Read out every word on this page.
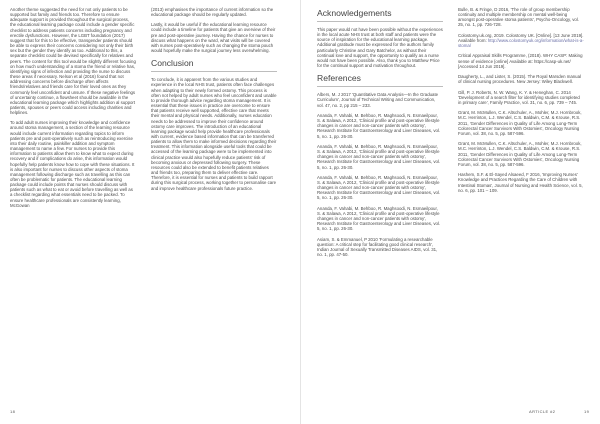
Another theme suggested the need for not only patients to be supported but family and friends too. Therefore to ensure adequate support is provided throughout the surgical process, the educational learning package could include a gender specific checklist to address patients concerns including pregnancy and erectile dysfunctions. However, the LGBT foundation (2017) suggest that for this to be effective, transgender patients should be able to express their concerns considering not only their birth sex but the gender they identify as too. Additional to this, a separate checklist could be devised specifically for relatives and peers. The content for this tool would be slightly different focusing on how much understanding of a stoma the friend or relative has, identifying signs of infection and providing the nurse to discuss these areas if necessary. Nelson et al (2016) found that not addressing concerns before discharge often affects friends/relatives and friends care for their loved ones as they commonly feel unconfident and unsure. If these negative feelings of uncertainty continue, a flowsheet should be available in the educational learning package which highlights addition al support patients, spouses or peers could access including charities and helplines.

To add adult nurses improving their knowledge and confidence around stoma management, a section of the learning resource would include current information regarding topics to inform patients pre and post-operatively such as reintroducing exercise into their daily routine, painkiller addition and symptom management to name a few. For nurses to provide this information to patients allow them to know what to expect during recovery and if complications do arise, this information would hopefully help patients know how to cope with these situations. It is also important for nurses to discuss other aspects of stoma management following discharge such as travelling as this can often be problematic for patients. The educational learning package could include points that nurses should discuss with patients such as what to eat or avoid before travelling as well as a checklist regarding what essentials need to be packed. To ensure healthcare professionals are consistently learning, McGowan

(2013) emphasises the importance of current information so the educational package should be regularly updated.

Lastly, it would be useful if the educational learning resource could include a timeline for patients that give an overview of their pre and post-operative journey. Having the chance for nurses to discuss what happens on the ward, what visits will be covered with nurses post-operatively such as changing the stoma pouch would hopefully make the surgical journey less overwhelming.

Conclusion

To conclude, it is apparent from the various studies and experience in the local NHS trust, patients often face challenges when adapting to their newly formed ostomy. This process is often not helped by adult nurses who feel unconfident and unable to provide thorough advice regarding stoma management. It is essential that these issues in practice are overcome to ensure that patients receive well supported, effective care that meets their mental and physical needs. Additionally, nurses education needs to be addressed to improve their confidence around ostomy care improves. The introduction of an educational learning package would help provide healthcare professionals with current, evidence based information that can be transferred patients to allow them to make informed decisions regarding their treatment. This information alongside useful tools that could be accessed of the learning package were to be implemented into clinical practice would also hopefully reduce patients' risk of becoming anxious or depressed following surgery. These resources could also be extended to benefit patients relatives and friends too, preparing them to deliver effective care. Therefore, it is essential for nurses and patients to build rapport during this surgical process, working together to personalise care and improve healthcare professionals future practice.

18
Acknowledgements

This paper would not have been possible without the experiences in the local acute NHS trust at both staff and patients were the source of inspiration for the educational learning package. Additional gratitude must be expressed for the authors family particularly Christine and Gary Batchelor, as without their continual love and support, the opportunity to qualify as a nurse would not have been possible. Also, thank you to Matthew Price for the continual support and motivation throughout.

References
Albers, M. J 2017 'Quantitative Data Analysis—In the Graduate Curriculum', Journal of Technical Writing and Communication, vol. 47, no. 2, pp 215 – 233.
Ananda, F. Vahabi, M. Behboo, R. Maghsoodi, N. Esmaeilpour, S. & Salawa, A 2012, 'Clinical profile and post-operative lifestyle changes in cancer and non-cancer patients with ostomy', Research Institute for Gastroenterology and Liver Diseases, vol. 5, no. 1, pp. 26-30.
Ananda, F. Vahabi, M. Behboo, R. Maghsoodi, N. Esmaeilpour, S. & Salawa, A 2012, 'Clinical profile and post-operative lifestyle changes in cancer and non-cancer patients with ostomy', Research Institute for Gastroenterology and Liver Diseases, vol. 5, no. 1, pp. 26-30.
Ananda, F. Vahabi, M. Behboo, R. Maghsoodi, N. Esmaeilpour, S. & Salawa, A 2012, 'Clinical profile and post-operative lifestyle changes in cancer and non-cancer patients with ostomy', Research Institute for Gastroenterology and Liver Diseases, vol. 5, no. 1, pp. 26-30.
Ananda, F. Vahabi, M. Behboo, R. Maghsoodi, N. Esmaeilpour, S. & Salawa, A 2012, 'Clinical profile and post-operative lifestyle changes in cancer and non-cancer patients with ostomy', Research Institute for Gastroenterology and Liver Diseases, vol. 5, no. 1, pp. 26-30.
Asiam, S. & Emmanuel, P 2010 'Formulating a researchable question: A critical step for facilitating good clinical research', Indian Journal of Sexually Transmitted Diseases AIDS, vol. 31, no. 1, pp. 47-50.
Bulle, B. & Fringe, D 2016, 'The role of group membership continuity and multiple membership on mental well-being amongst post-operative stoma patients', Psycho-Oncology, vol. 25, no. 1, pp. 726-728.
Colostomy.uk.org, 2019. Colostomy UK. [Online]. [13 June 2019]. Available from: http://www.colostomyuk.org/information/what-is-a-stoma/
Critical Appraisal Skills Programme, (2018). WHY CASP: Making sense of evidence [online] Available at: https://casp-uk.net/ [Accessed 14 Jun 2019].
Daugherty, L., and Lister, S. (2015). The Royal Marsden manual of clinical nursing procedures. New Jersey: Wiley Blackwell.
Gill, P. J. Roberts, N. W. Wang, K. Y. & Heneghan, C. 2014 'Development of a search filter for identifying studies completed in primary care', Family Practice, vol. 31, no. 6, pp. 739 – 745.
Grant, M. McMullen, C.K. Altschuler, A., Mohler, M.J. Hornbrook, M.C. Herrinton, L.J. Wendel, C.S. Baldwin, C.M. & Krouse, R.S. 2011, 'Gender Differences in Quality of Life Among Long-Term Colorectal Cancer Survivors With Ostomies', Oncology Nursing Forum, vol. 38, no. 5, pp. 587-596.
Grant, M. McMullen, C.K. Altschuler, A., Mohler, M.J. Hornbrook, M.C. Herrinton, L.J. Wendel, C.S. Baldwin, C.M. & Krouse, R.S. 2011, 'Gender Differences in Quality of Life Among Long-Term Colorectal Cancer Survivors With Ostomies', Oncology Nursing Forum, vol. 38, no. 5, pp. 587-596.
Hashem, S.F. & El-Sayed Alsaeed, F 2016, 'Improving Nurses' Knowledge and Practices Regarding the Care of Children with Intestinal Stomas', Journal of Nursing and Health Science, vol. 5, no. 6, pp. 101 – 109.
ARTICLE #2	19
